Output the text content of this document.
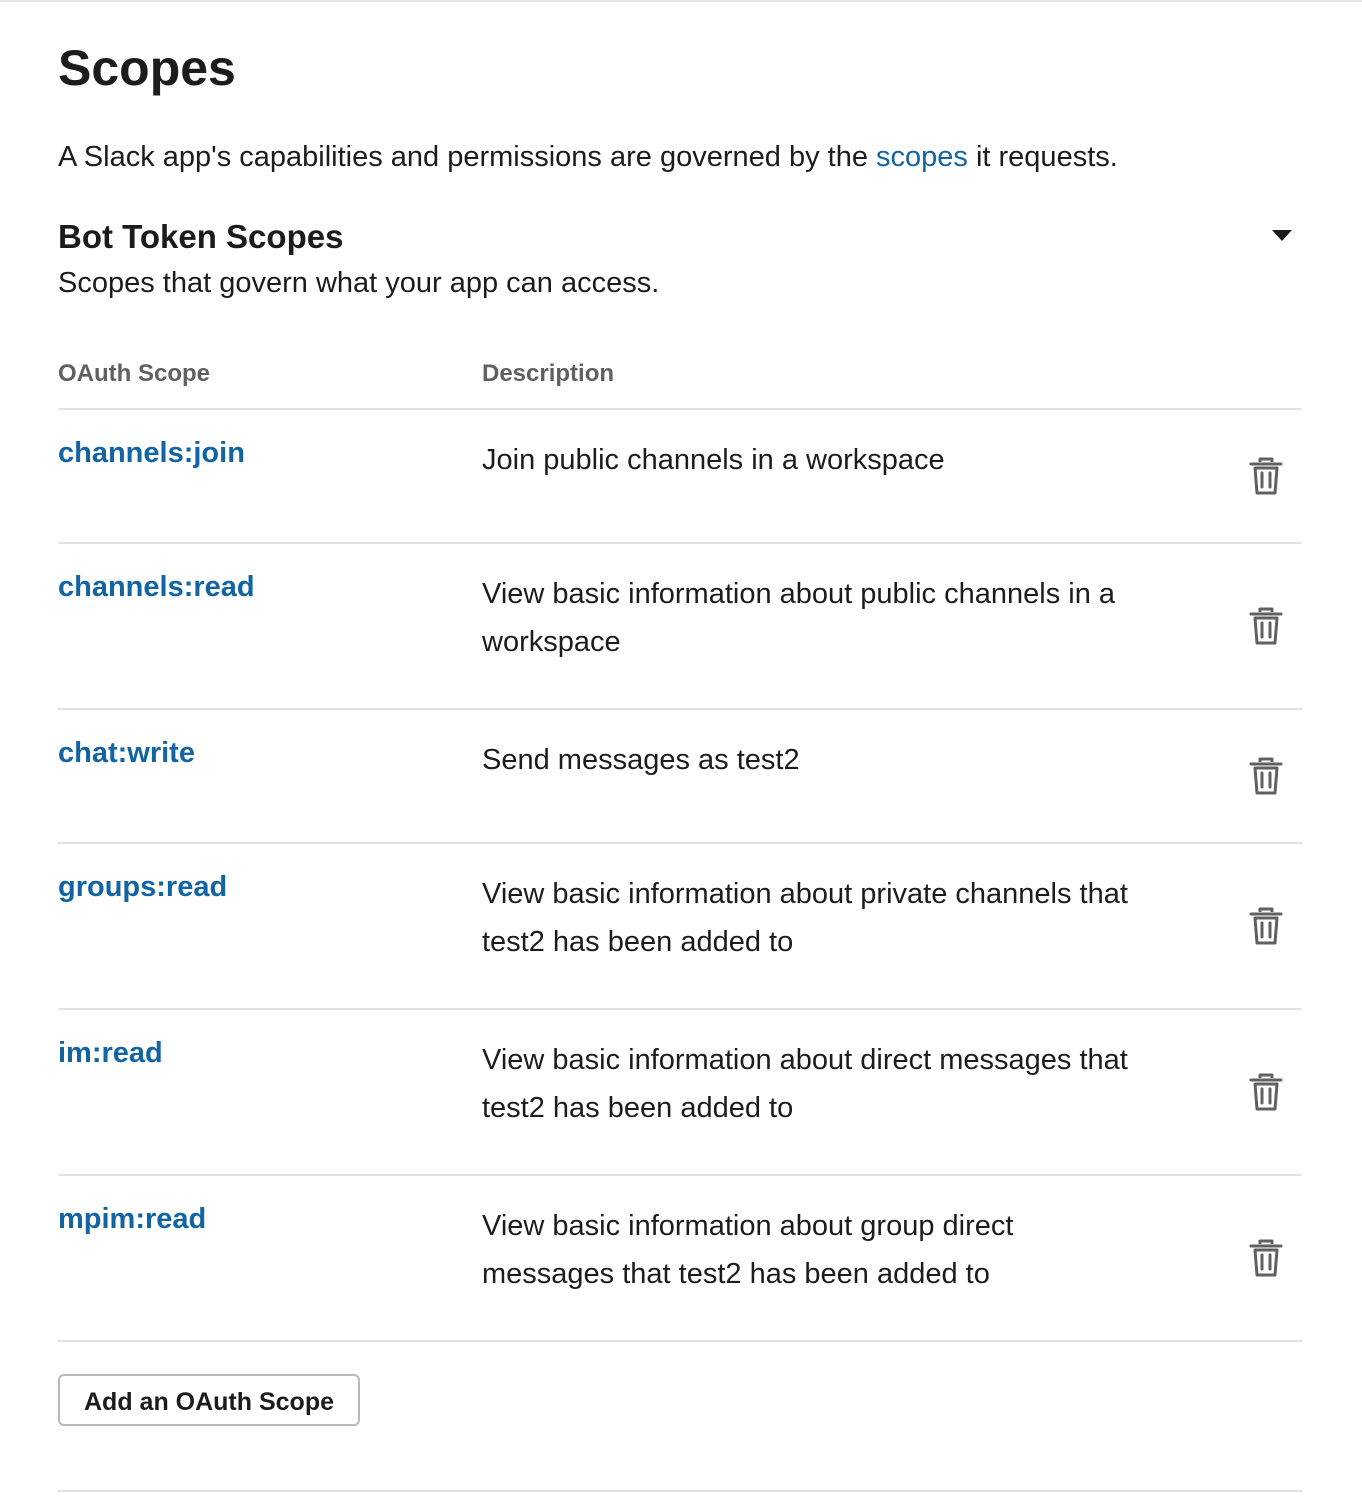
Scopes
A Slack app's capabilities and permissions are governed by the scopes it requests.
Bot Token Scopes
Scopes that govern what your app can access.
OAuth Scope	Description
channels:join	Join public channels in a workspace
channels:read	View basic information about public channels in a workspace
chat:write	Send messages as test2
groups:read	View basic information about private channels that test2 has been added to
im:read	View basic information about direct messages that test2 has been added to
mpim:read	View basic information about group direct messages that test2 has been added to
Add an OAuth Scope
